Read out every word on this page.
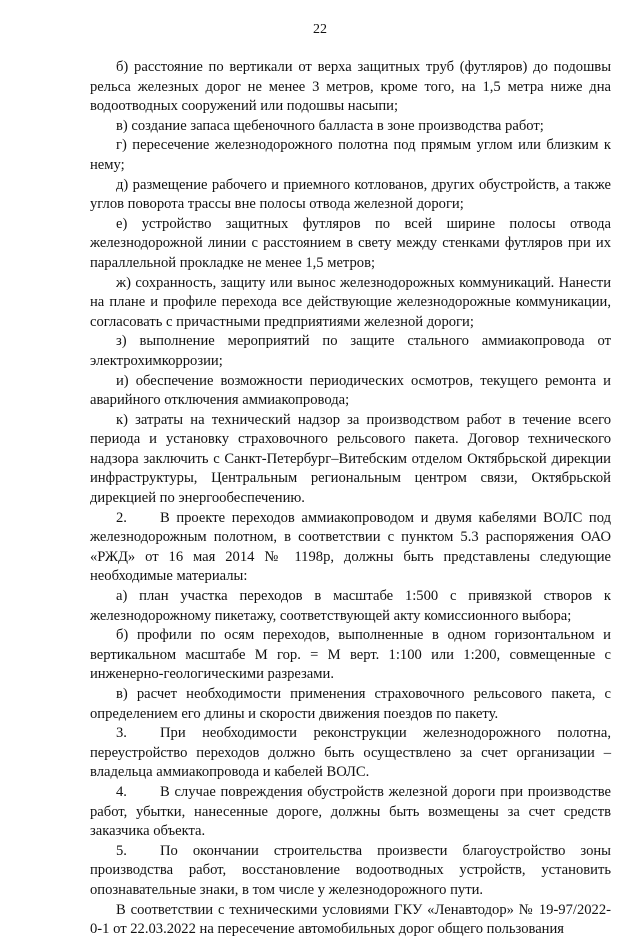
22

б) расстояние по вертикали от верха защитных труб (футляров) до подошвы рельса железных дорог не менее 3 метров, кроме того, на 1,5 метра ниже дна водоотводных сооружений или подошвы насыпи;

в) создание запаса щебеночного балласта в зоне производства работ;

г) пересечение железнодорожного полотна под прямым углом или близким к нему;

д) размещение рабочего и приемного котлованов, других обустройств, а также углов поворота трассы вне полосы отвода железной дороги;

е) устройство защитных футляров по всей ширине полосы отвода железнодорожной линии с расстоянием в свету между стенками футляров при их параллельной прокладке не менее 1,5 метров;

ж) сохранность, защиту или вынос железнодорожных коммуникаций. Нанести на плане и профиле перехода все действующие железнодорожные коммуникации, согласовать с причастными предприятиями железной дороги;

з) выполнение мероприятий по защите стального аммиакопровода от электрохимкоррозии;

и) обеспечение возможности периодических осмотров, текущего ремонта и аварийного отключения аммиакопровода;

к) затраты на технический надзор за производством работ в течение всего периода и установку страховочного рельсового пакета. Договор технического надзора заключить с Санкт-Петербург–Витебским отделом Октябрьской дирекции инфраструктуры, Центральным региональным центром связи, Октябрьской дирекцией по энергообеспечению.

2. В проекте переходов аммиакопроводом и двумя кабелями ВОЛС под железнодорожным полотном, в соответствии с пунктом 5.3 распоряжения ОАО «РЖД» от 16 мая 2014 № 1198р, должны быть представлены следующие необходимые материалы:

а) план участка переходов в масштабе 1:500 с привязкой створов к железнодорожному пикетажу, соответствующей акту комиссионного выбора;

б) профили по осям переходов, выполненные в одном горизонтальном и вертикальном масштабе М гор. = М верт. 1:100 или 1:200, совмещенные с инженерно-геологическими разрезами.

в) расчет необходимости применения страховочного рельсового пакета, с определением его длины и скорости движения поездов по пакету.

3. При необходимости реконструкции железнодорожного полотна, переустройство переходов должно быть осуществлено за счет организации – владельца аммиакопровода и кабелей ВОЛС.

4. В случае повреждения обустройств железной дороги при производстве работ, убытки, нанесенные дороге, должны быть возмещены за счет средств заказчика объекта.

5. По окончании строительства произвести благоустройство зоны производства работ, восстановление водоотводных устройств, установить опознавательные знаки, в том числе у железнодорожного пути.

В соответствии с техническими условиями ГКУ «Ленавтодор» № 19-97/2022-0-1 от 22.03.2022 на пересечение автомобильных дорог общего пользования
